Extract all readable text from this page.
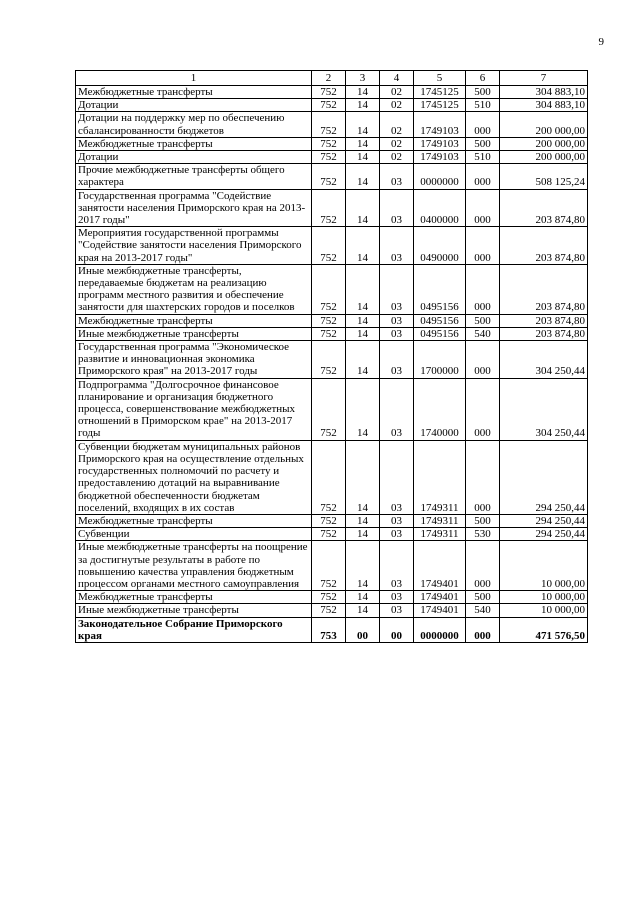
9
1	2	3	4	5	6	7
Межбюджетные трансферты	752	14	02	1745125	500	304 883,10
Дотации	752	14	02	1745125	510	304 883,10
Дотации на поддержку мер по обеспечению сбалансированности бюджетов	752	14	02	1749103	000	200 000,00
Межбюджетные трансферты	752	14	02	1749103	500	200 000,00
Дотации	752	14	02	1749103	510	200 000,00
Прочие межбюджетные трансферты общего характера	752	14	03	0000000	000	508 125,24
Государственная программа "Содействие занятости населения Приморского края на 2013-2017 годы"	752	14	03	0400000	000	203 874,80
Мероприятия государственной программы "Содействие занятости населения Приморского края на 2013-2017 годы"	752	14	03	0490000	000	203 874,80
Иные межбюджетные трансферты, передаваемые бюджетам на реализацию программ местного развития и обеспечение занятости для шахтерских городов и поселков	752	14	03	0495156	000	203 874,80
Межбюджетные трансферты	752	14	03	0495156	500	203 874,80
Иные межбюджетные трансферты	752	14	03	0495156	540	203 874,80
Государственная программа "Экономическое развитие и инновационная экономика Приморского края" на 2013-2017 годы	752	14	03	1700000	000	304 250,44
Подпрограмма "Долгосрочное финансовое планирование и организация бюджетного процесса, совершенствование межбюджетных отношений в Приморском крае" на 2013-2017 годы	752	14	03	1740000	000	304 250,44
Субвенции бюджетам муниципальных районов Приморского края на осуществление отдельных государственных полномочий по расчету и предоставлению дотаций на выравнивание бюджетной обеспеченности бюджетам поселений, входящих в их состав	752	14	03	1749311	000	294 250,44
Межбюджетные трансферты	752	14	03	1749311	500	294 250,44
Субвенции	752	14	03	1749311	530	294 250,44
Иные межбюджетные трансферты на поощрение за достигнутые результаты в работе по повышению качества управления бюджетным процессом органами местного самоуправления	752	14	03	1749401	000	10 000,00
Межбюджетные трансферты	752	14	03	1749401	500	10 000,00
Иные межбюджетные трансферты	752	14	03	1749401	540	10 000,00
Законодательное Собрание Приморского края	753	00	00	0000000	000	471 576,50
